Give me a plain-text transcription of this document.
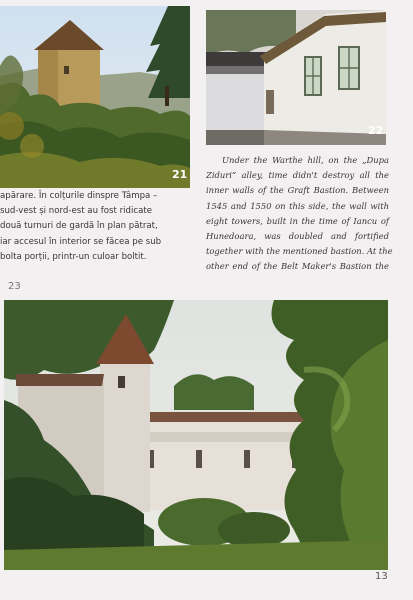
21
22
apărare. În colțurile dinspre Tâmpa –
sud-vest și nord-est au fost ridicate
două turnuri de gardă în plan pătrat,
iar accesul în interior se făcea pe sub
bolta porții, printr-un culoar boltit.
Under the Warthe hill, on the „Dupa
Ziduri” alley, time didn't destroy all the
inner walls of the Graft Bastion. Between
1545 and 1550 on this side, the wall with
eight towers, built in the time of Iancu of
Hunedoara, was doubled and fortified
together with the mentioned bastion. At the
other end of the Belt Maker's Bastion the
23
13
